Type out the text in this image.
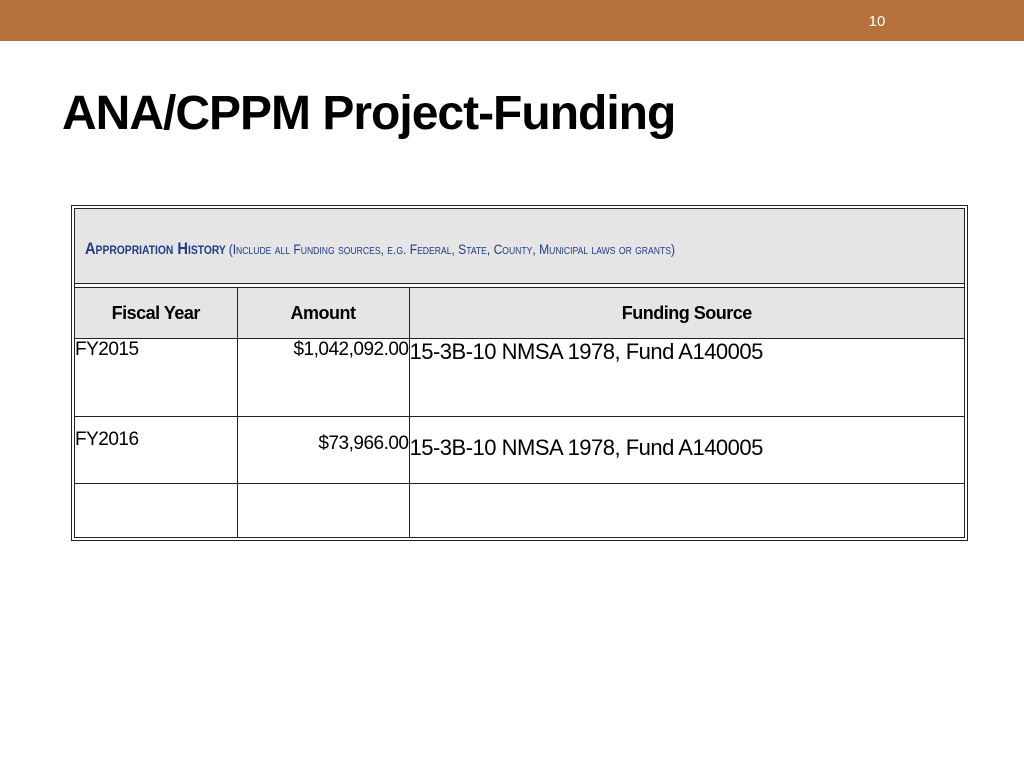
10
ANA/CPPM Project-Funding
Appropriation History (Include all Funding sources, e.g. Federal, State, County, Municipal laws or grants)
Fiscal Year	Amount	Funding Source
FY2015	$1,042,092.00	15-3B-10 NMSA 1978, Fund A140005
FY2016	$73,966.00	15-3B-10 NMSA 1978, Fund A140005
